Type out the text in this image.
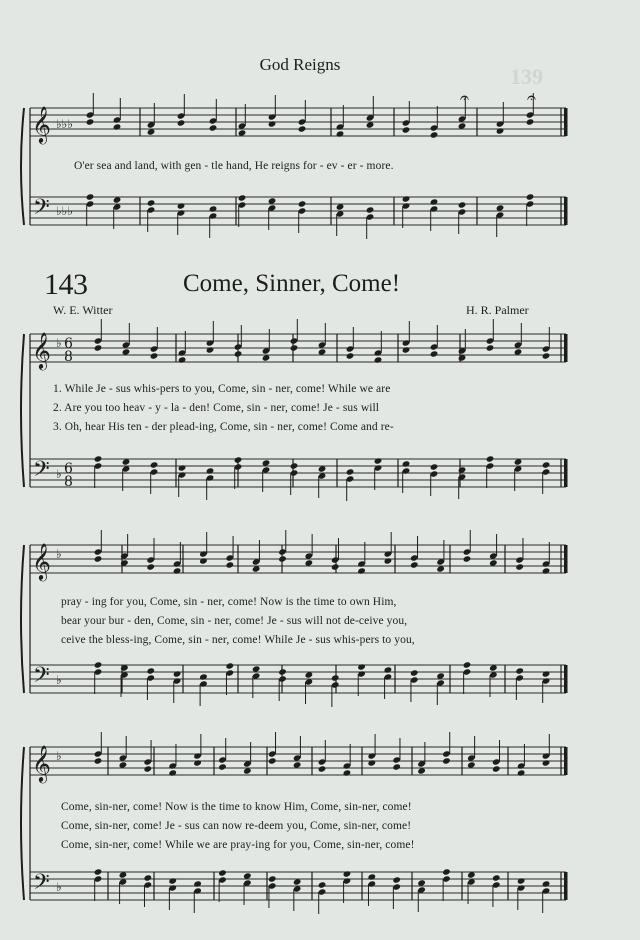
139
God Reigns
𝄞
𝄢
♭♭♭
♭♭♭
𝄐	𝄐
𝄞
𝄢
♭
♭
6
8
6
8
𝄞
𝄢
♭
♭
𝄞
𝄢
♭
♭
O'er sea and land, with gen - tle hand, He reigns for - ev - er - more.
143	Come, Sinner, Come!
W. E. Witter	H. R. Palmer
1. While Je - sus whis-pers to you, Come, sin - ner, come! While we are
2. Are you too heav - y - la - den! Come, sin - ner, come! Je - sus will
3. Oh, hear His ten - der plead-ing, Come, sin - ner, come! Come and re-
pray - ing for you, Come, sin - ner, come! Now is the time to own Him,
bear your bur - den, Come, sin - ner, come! Je - sus will not de-ceive you,
ceive the bless-ing, Come, sin - ner, come! While Je - sus whis-pers to you,
Come, sin-ner, come! Now is the time to know Him, Come, sin-ner, come!
Come, sin-ner, come! Je - sus can now re-deem you, Come, sin-ner, come!
Come, sin-ner, come! While we are pray-ing for you, Come, sin-ner, come!
